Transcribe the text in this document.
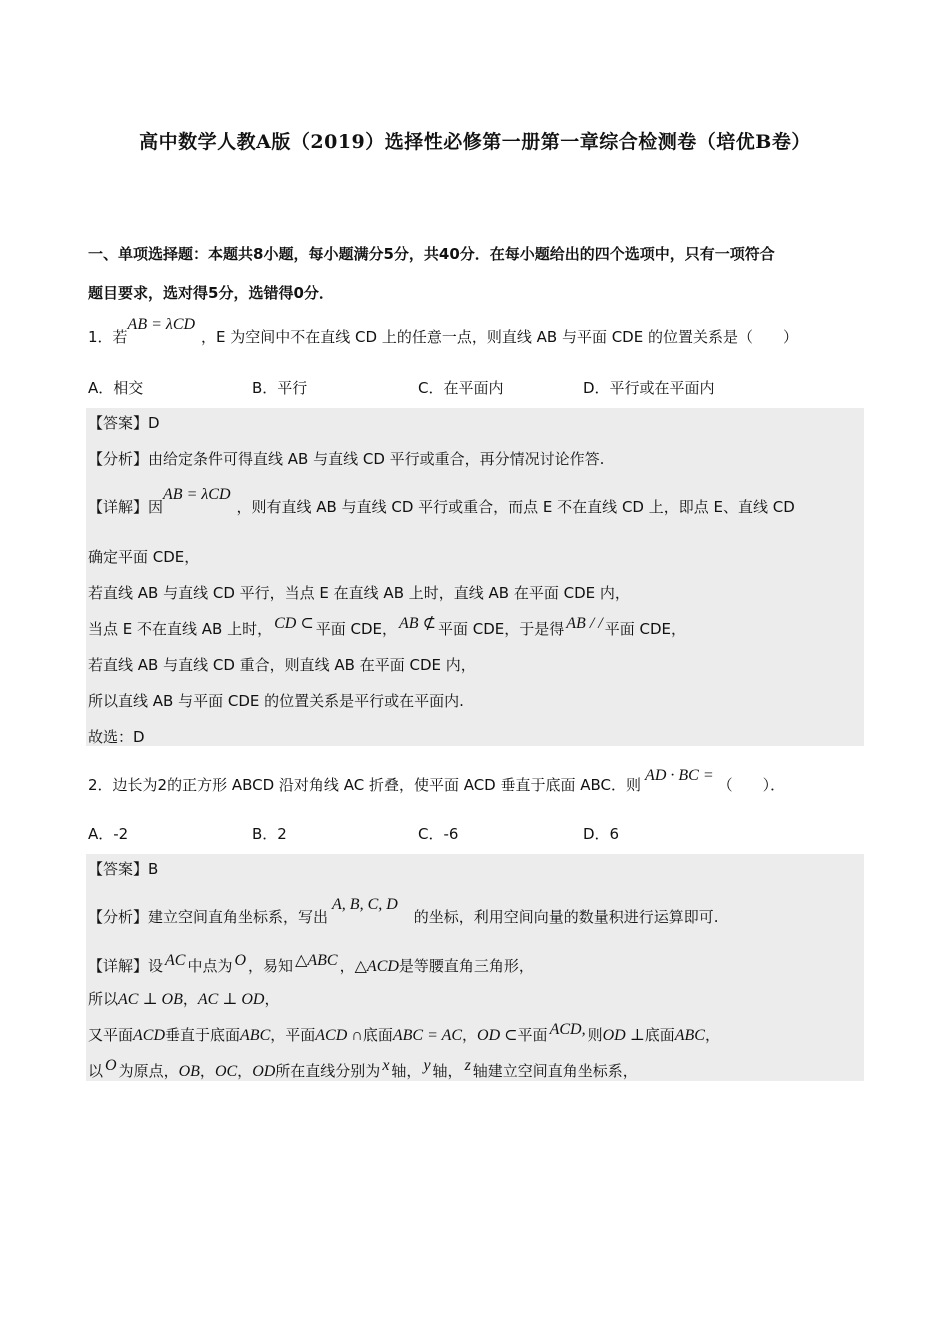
高中数学人教A版（2019）选择性必修第一册第一章综合检测卷（培优B卷）
一、单项选择题：本题共8小题，每小题满分5分，共40分．在每小题给出的四个选项中，只有一项符合
题目要求，选对得5分，选错得0分．
1．若AB = λCD，E 为空间中不在直线 CD 上的任意一点，则直线 AB 与平面 CDE 的位置关系是（　　）
A．相交	B．平行	C．在平面内	D．平行或在平面内
【答案】D
【分析】由给定条件可得直线 AB 与直线 CD 平行或重合，再分情况讨论作答.
【详解】因AB = λCD，则有直线 AB 与直线 CD 平行或重合，而点 E 不在直线 CD 上，即点 E、直线 CD
确定平面 CDE，
若直线 AB 与直线 CD 平行，当点 E 在直线 AB 上时，直线 AB 在平面 CDE 内，
当点 E 不在直线 AB 上时， CD ⊂ 平面 CDE， AB ⊄ 平面 CDE，于是得 AB / / 平面 CDE，
若直线 AB 与直线 CD 重合，则直线 AB 在平面 CDE 内，
所以直线 AB 与平面 CDE 的位置关系是平行或在平面内.
故选：D
2．边长为2的正方形 ABCD 沿对角线 AC 折叠，使平面 ACD 垂直于底面 ABC．则AD · BC =（　　）．
A．-2	B．2	C．-6	D．6
【答案】B
【分析】建立空间直角坐标系，写出A, B, C, D的坐标，利用空间向量的数量积进行运算即可.
【详解】设 AC 中点为 O ，易知 △ABC ，△ACD是等腰直角三角形，
所以AC ⊥ OB，AC ⊥ OD，
又平面ACD垂直于底面ABC，平面ACD ∩底面ABC = AC，OD ⊂平面 ACD, 则OD ⊥底面ABC，
以 O 为原点，OB，OC，OD所在直线分别为 x 轴， y 轴， z 轴建立空间直角坐标系，
